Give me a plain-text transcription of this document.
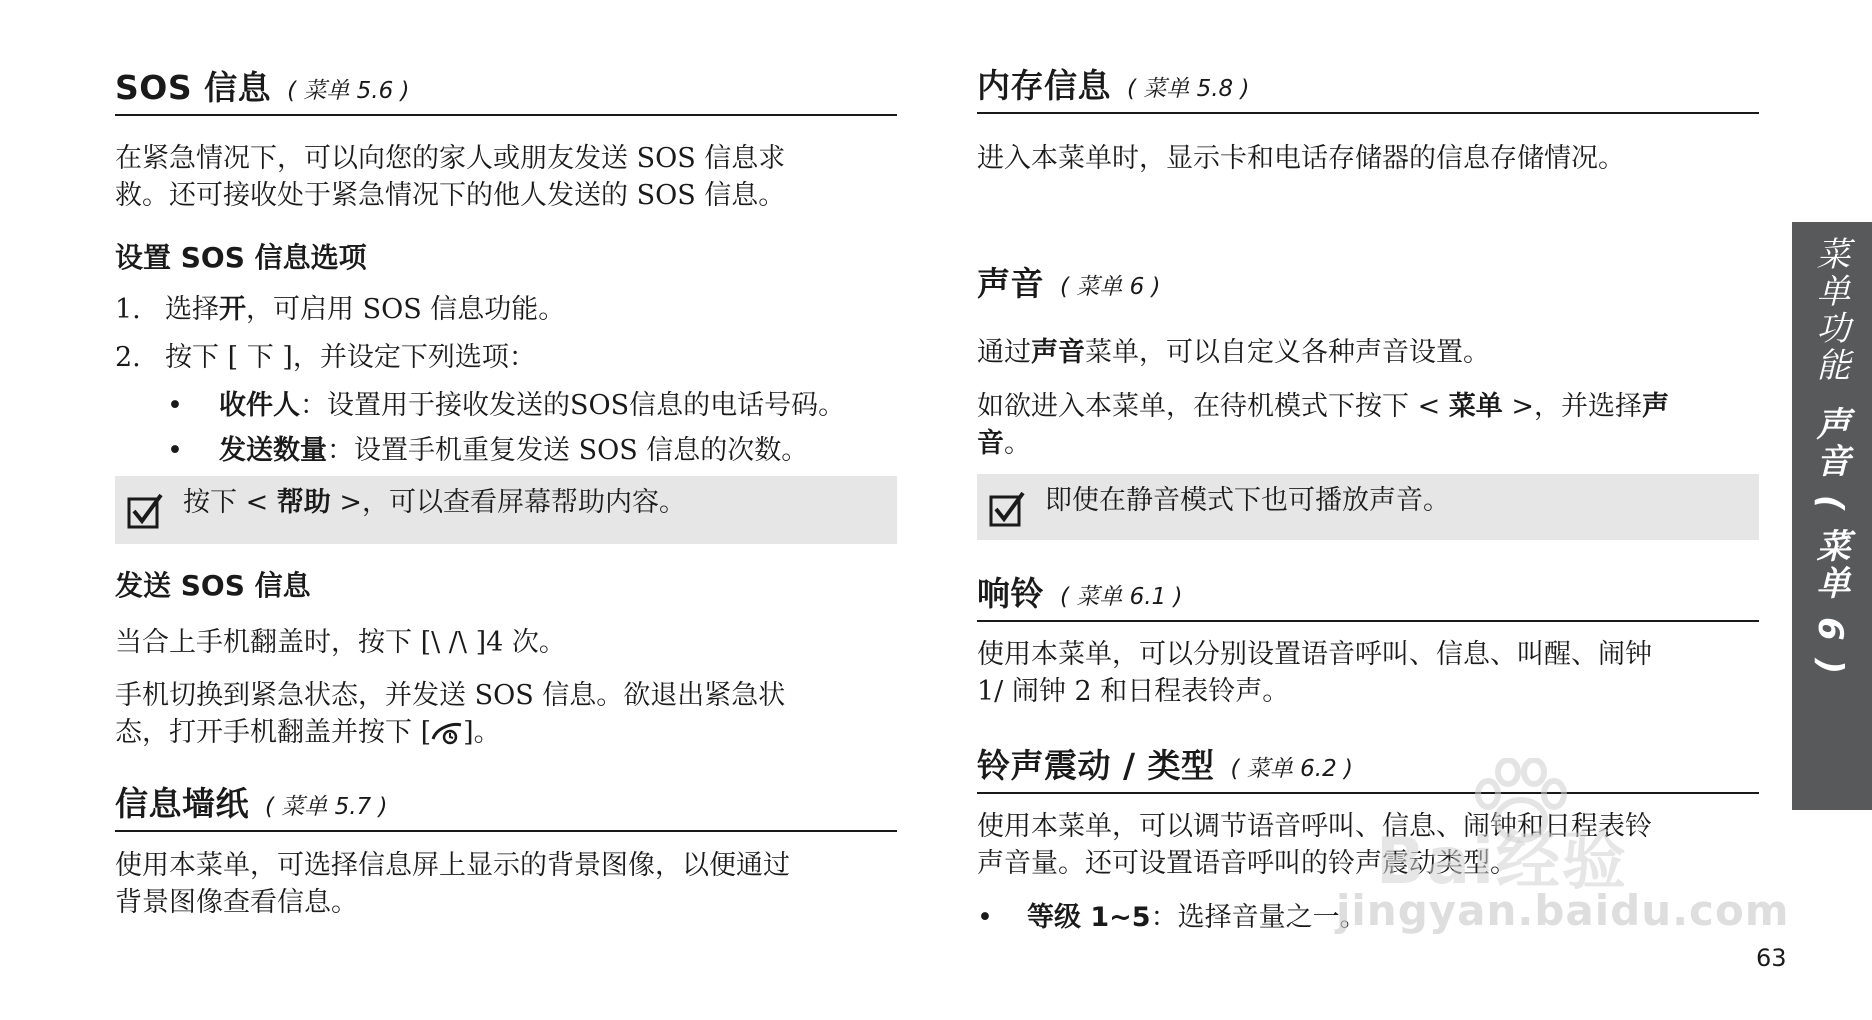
SOS 信息 ( 菜单 5.6 )
在紧急情况下，可以向您的家人或朋友发送 SOS 信息求
救。还可接收处于紧急情况下的他人发送的 SOS 信息。
设置 SOS 信息选项
1. 选择开，可启用 SOS 信息功能。
2. 按下 [ 下 ]，并设定下列选项：
• 收件人：设置用于接收发送的SOS信息的电话号码。
• 发送数量：设置手机重复发送 SOS 信息的次数。
按下 < 帮助 >，可以查看屏幕帮助内容。
发送 SOS 信息
当合上手机翻盖时，按下 [\ /\ ]4 次。
手机切换到紧急状态，并发送 SOS 信息。欲退出紧急状
态，打开手机翻盖并按下 [ ]。
信息墙纸 ( 菜单 5.7 )
使用本菜单，可选择信息屏上显示的背景图像，以便通过
背景图像查看信息。
内存信息 ( 菜单 5.8 )
进入本菜单时，显示卡和电话存储器的信息存储情况。
声音 ( 菜单 6 )
通过声音菜单，可以自定义各种声音设置。
如欲进入本菜单，在待机模式下按下 < 菜单 >，并选择声
音。
即使在静音模式下也可播放声音。
响铃 ( 菜单 6.1 )
使用本菜单，可以分别设置语音呼叫、信息、叫醒、闹钟
1/ 闹钟 2 和日程表铃声。
铃声震动 / 类型 ( 菜单 6.2 )
使用本菜单，可以调节语音呼叫、信息、闹钟和日程表铃
声音量。还可设置语音呼叫的铃声震动类型。
• 等级 1~5：选择音量之一。
菜单功能声音 ( 菜单 6 )
63
Bai经验
jingyan.baidu.com
